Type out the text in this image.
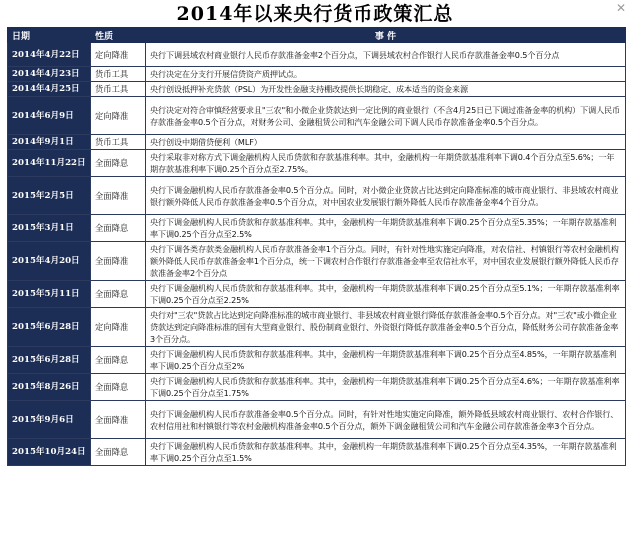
2014年以来央行货币政策汇总	✕
日期	性质	事 件
2014年4月22日	定向降准	央行下调县域农村商业银行人民币存款准备金率2个百分点，下调县域农村合作银行人民币存款准备金率0.5个百分点
2014年4月23日	货币工具	央行决定在分支行开展信贷资产质押试点。
2014年4月25日	货币工具	央行创设抵押补充贷款（PSL）为开发性金融支持棚改提供长期稳定、成本适当的资金来源
2014年6月9日	定向降准	央行决定对符合审慎经营要求且"三农"和小微企业贷款达到一定比例的商业银行（不含4月25日已下调过准备金率的机构）下调人民币存款准备金率0.5个百分点，对财务公司、金融租赁公司和汽车金融公司下调人民币存款准备金率0.5个百分点。
2014年9月1日	货币工具	央行创设中期借贷便利（MLF）
2014年11月22日	全面降息	央行采取非对称方式下调金融机构人民币贷款和存款基准利率。其中，金融机构一年期贷款基准利率下调0.4个百分点至5.6%；一年期存款基准利率下调0.25个百分点至2.75%。
2015年2月5日	全面降准	央行下调金融机构人民币存款准备金率0.5个百分点。同时，对小微企业贷款占比达到定向降准标准的城市商业银行、非县域农村商业银行额外降低人民币存款准备金率0.5个百分点，对中国农业发展银行额外降低人民币存款准备金率4个百分点。
2015年3月1日	全面降息	央行下调金融机构人民币贷款和存款基准利率。其中，金融机构一年期贷款基准利率下调0.25个百分点至5.35%；一年期存款基准利率下调0.25个百分点至2.5%
2015年4月20日	全面降准	央行下调各类存款类金融机构人民币存款准备金率1个百分点。同时，有针对性地实施定向降准，对农信社、村镇银行等农村金融机构额外降低人民币存款准备金率1个百分点，统一下调农村合作银行存款准备金率至农信社水平，对中国农业发展银行额外降低人民币存款准备金率2个百分点
2015年5月11日	全面降息	央行下调金融机构人民币贷款和存款基准利率。其中，金融机构一年期贷款基准利率下调0.25个百分点至5.1%；一年期存款基准利率下调0.25个百分点至2.25%
2015年6月28日	定向降准	央行对"三农"贷款占比达到定向降准标准的城市商业银行、非县域农村商业银行降低存款准备金率0.5个百分点。对"三农"或小微企业贷款达到定向降准标准的国有大型商业银行、股份制商业银行、外资银行降低存款准备金率0.5个百分点，降低财务公司存款准备金率3个百分点。
2015年6月28日	全面降息	央行下调金融机构人民币贷款和存款基准利率。其中，金融机构一年期贷款基准利率下调0.25个百分点至4.85%，一年期存款基准利率下调0.25个百分点至2%
2015年8月26日	全面降息	央行下调金融机构人民币贷款和存款基准利率。其中，金融机构一年期贷款基准利率下调0.25个百分点至4.6%；一年期存款基准利率下调0.25个百分点至1.75%
2015年9月6日	全面降准	央行下调金融机构人民币存款准备金率0.5个百分点。同时，有针对性地实施定向降准，额外降低县域农村商业银行、农村合作银行、农村信用社和村镇银行等农村金融机构准备金率0.5个百分点，额外下调金融租赁公司和汽车金融公司存款准备金率3个百分点。
2015年10月24日	全面降息	央行下调金融机构人民币贷款和存款基准利率。其中，金融机构一年期贷款基准利率下调0.25个百分点至4.35%，一年期存款基准利率下调0.25个百分点至1.5%
